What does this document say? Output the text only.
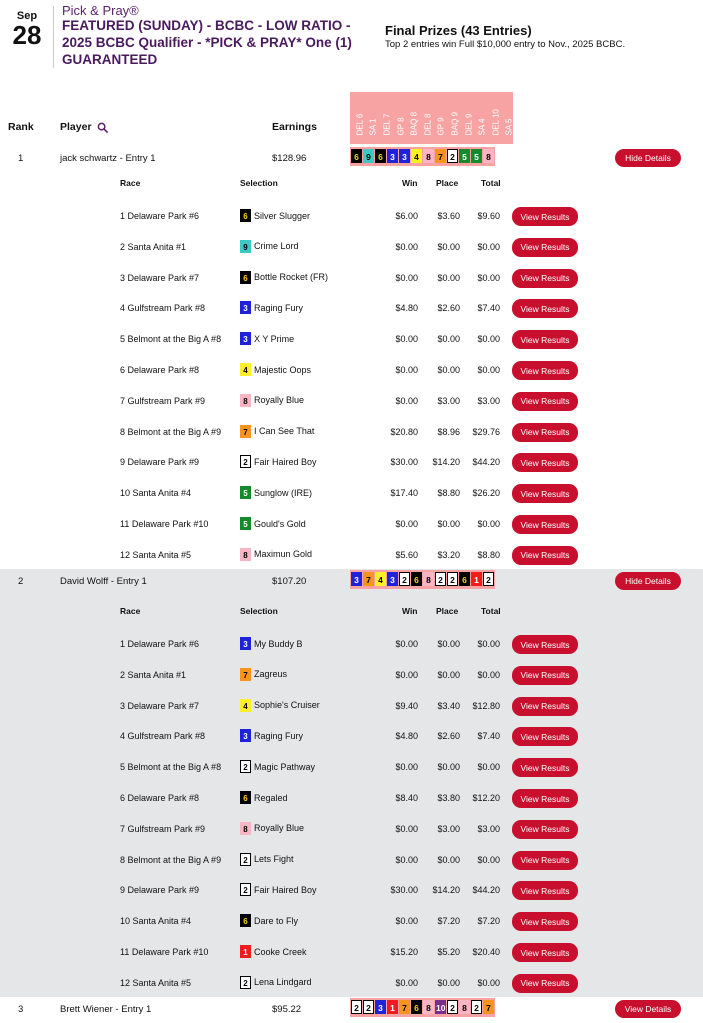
Sep
28
Pick & Pray®
FEATURED (SUNDAY) - BCBC - LOW RATIO - 2025 BCBC Qualifier - *PICK & PRAY* One (1) GUARANTEED
Final Prizes (43 Entries)
Top 2 entries win Full $10,000 entry to Nov., 2025 BCBC.
Rank	Player	Earnings	DEL 6 SA 1 DEL 7 GP 8 BAQ 8 DEL 8 GP 9 BAQ 9 DEL 9 SA 4 DEL 10 SA 5
1	jack schwartz - Entry 1	$128.96	6 9 6 3 3 4 8 7 2 5 5 8	Hide Details
Race	Selection	Win Place	Total
1 Delaware Park #6	6 Silver Slugger	$6.00	$3.60	$9.60	View Results
2 Santa Anita #1	9 Crime Lord	$0.00	$0.00	$0.00	View Results
3 Delaware Park #7	6 Bottle Rocket (FR)	$0.00	$0.00	$0.00	View Results
4 Gulfstream Park #8	3 Raging Fury	$4.80	$2.60	$7.40	View Results
5 Belmont at the Big A #8	3 X Y Prime	$0.00	$0.00	$0.00	View Results
6 Delaware Park #8	4 Majestic Oops	$0.00	$0.00	$0.00	View Results
7 Gulfstream Park #9	8 Royally Blue	$0.00	$3.00	$3.00	View Results
8 Belmont at the Big A #9	7 I Can See That	$20.80	$8.96	$29.76	View Results
9 Delaware Park #9	2 Fair Haired Boy	$30.00	$14.20	$44.20	View Results
10 Santa Anita #4	5 Sunglow (IRE)	$17.40	$8.80	$26.20	View Results
11 Delaware Park #10	5 Gould's Gold	$0.00	$0.00	$0.00	View Results
12 Santa Anita #5	8 Maximun Gold	$5.60	$3.20	$8.80	View Results
2	David Wolff - Entry 1	$107.20	3 7 4 3 2 6 8 2 2 6 1 2	Hide Details
Race	Selection	Win Place	Total
1 Delaware Park #6	3 My Buddy B	$0.00	$0.00	$0.00	View Results
2 Santa Anita #1	7 Zagreus	$0.00	$0.00	$0.00	View Results
3 Delaware Park #7	4 Sophie's Cruiser	$9.40	$3.40	$12.80	View Results
4 Gulfstream Park #8	3 Raging Fury	$4.80	$2.60	$7.40	View Results
5 Belmont at the Big A #8	2 Magic Pathway	$0.00	$0.00	$0.00	View Results
6 Delaware Park #8	6 Regaled	$8.40	$3.80	$12.20	View Results
7 Gulfstream Park #9	8 Royally Blue	$0.00	$3.00	$3.00	View Results
8 Belmont at the Big A #9	2 Lets Fight	$0.00	$0.00	$0.00	View Results
9 Delaware Park #9	2 Fair Haired Boy	$30.00	$14.20	$44.20	View Results
10 Santa Anita #4	6 Dare to Fly	$0.00	$7.20	$7.20	View Results
11 Delaware Park #10	1 Cooke Creek	$15.20	$5.20	$20.40	View Results
12 Santa Anita #5	2 Lena Lindgard	$0.00	$0.00	$0.00	View Results
3	Brett Wiener - Entry 1	$95.22	2 2 3 1 7 6 8 10 2 8 2 7	View Details
